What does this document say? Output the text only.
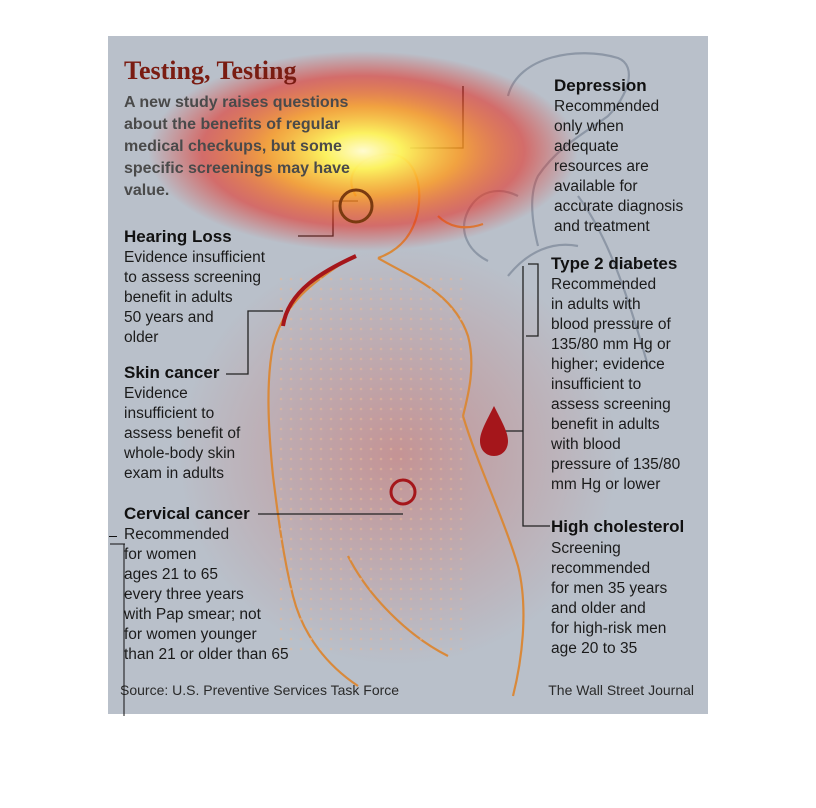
Testing, Testing

A new study raises questions about the benefits of regular medical checkups, but some specific screenings may have value.

Depression

Recommended
only when
adequate
resources are
available for
accurate diagnosis
and treatment

Hearing Loss

Evidence insufficient
to assess screening
benefit in adults
50 years and
older

Type 2 diabetes

Recommended
in adults with
blood pressure of
135/80 mm Hg or
higher; evidence
insufficient to
assess screening
benefit in adults
with blood
pressure of 135/80
mm Hg or lower

Skin cancer

Evidence
insufficient to
assess benefit of
whole-body skin
exam in adults

Cervical cancer

Recommended
for women
ages 21 to 65
every three years
with Pap smear; not
for women younger
than 21 or older than 65

High cholesterol

Screening
recommended
for men 35 years
and older and
for high-risk men
age 20 to 35

Source: U.S. Preventive Services Task Force	The Wall Street Journal
